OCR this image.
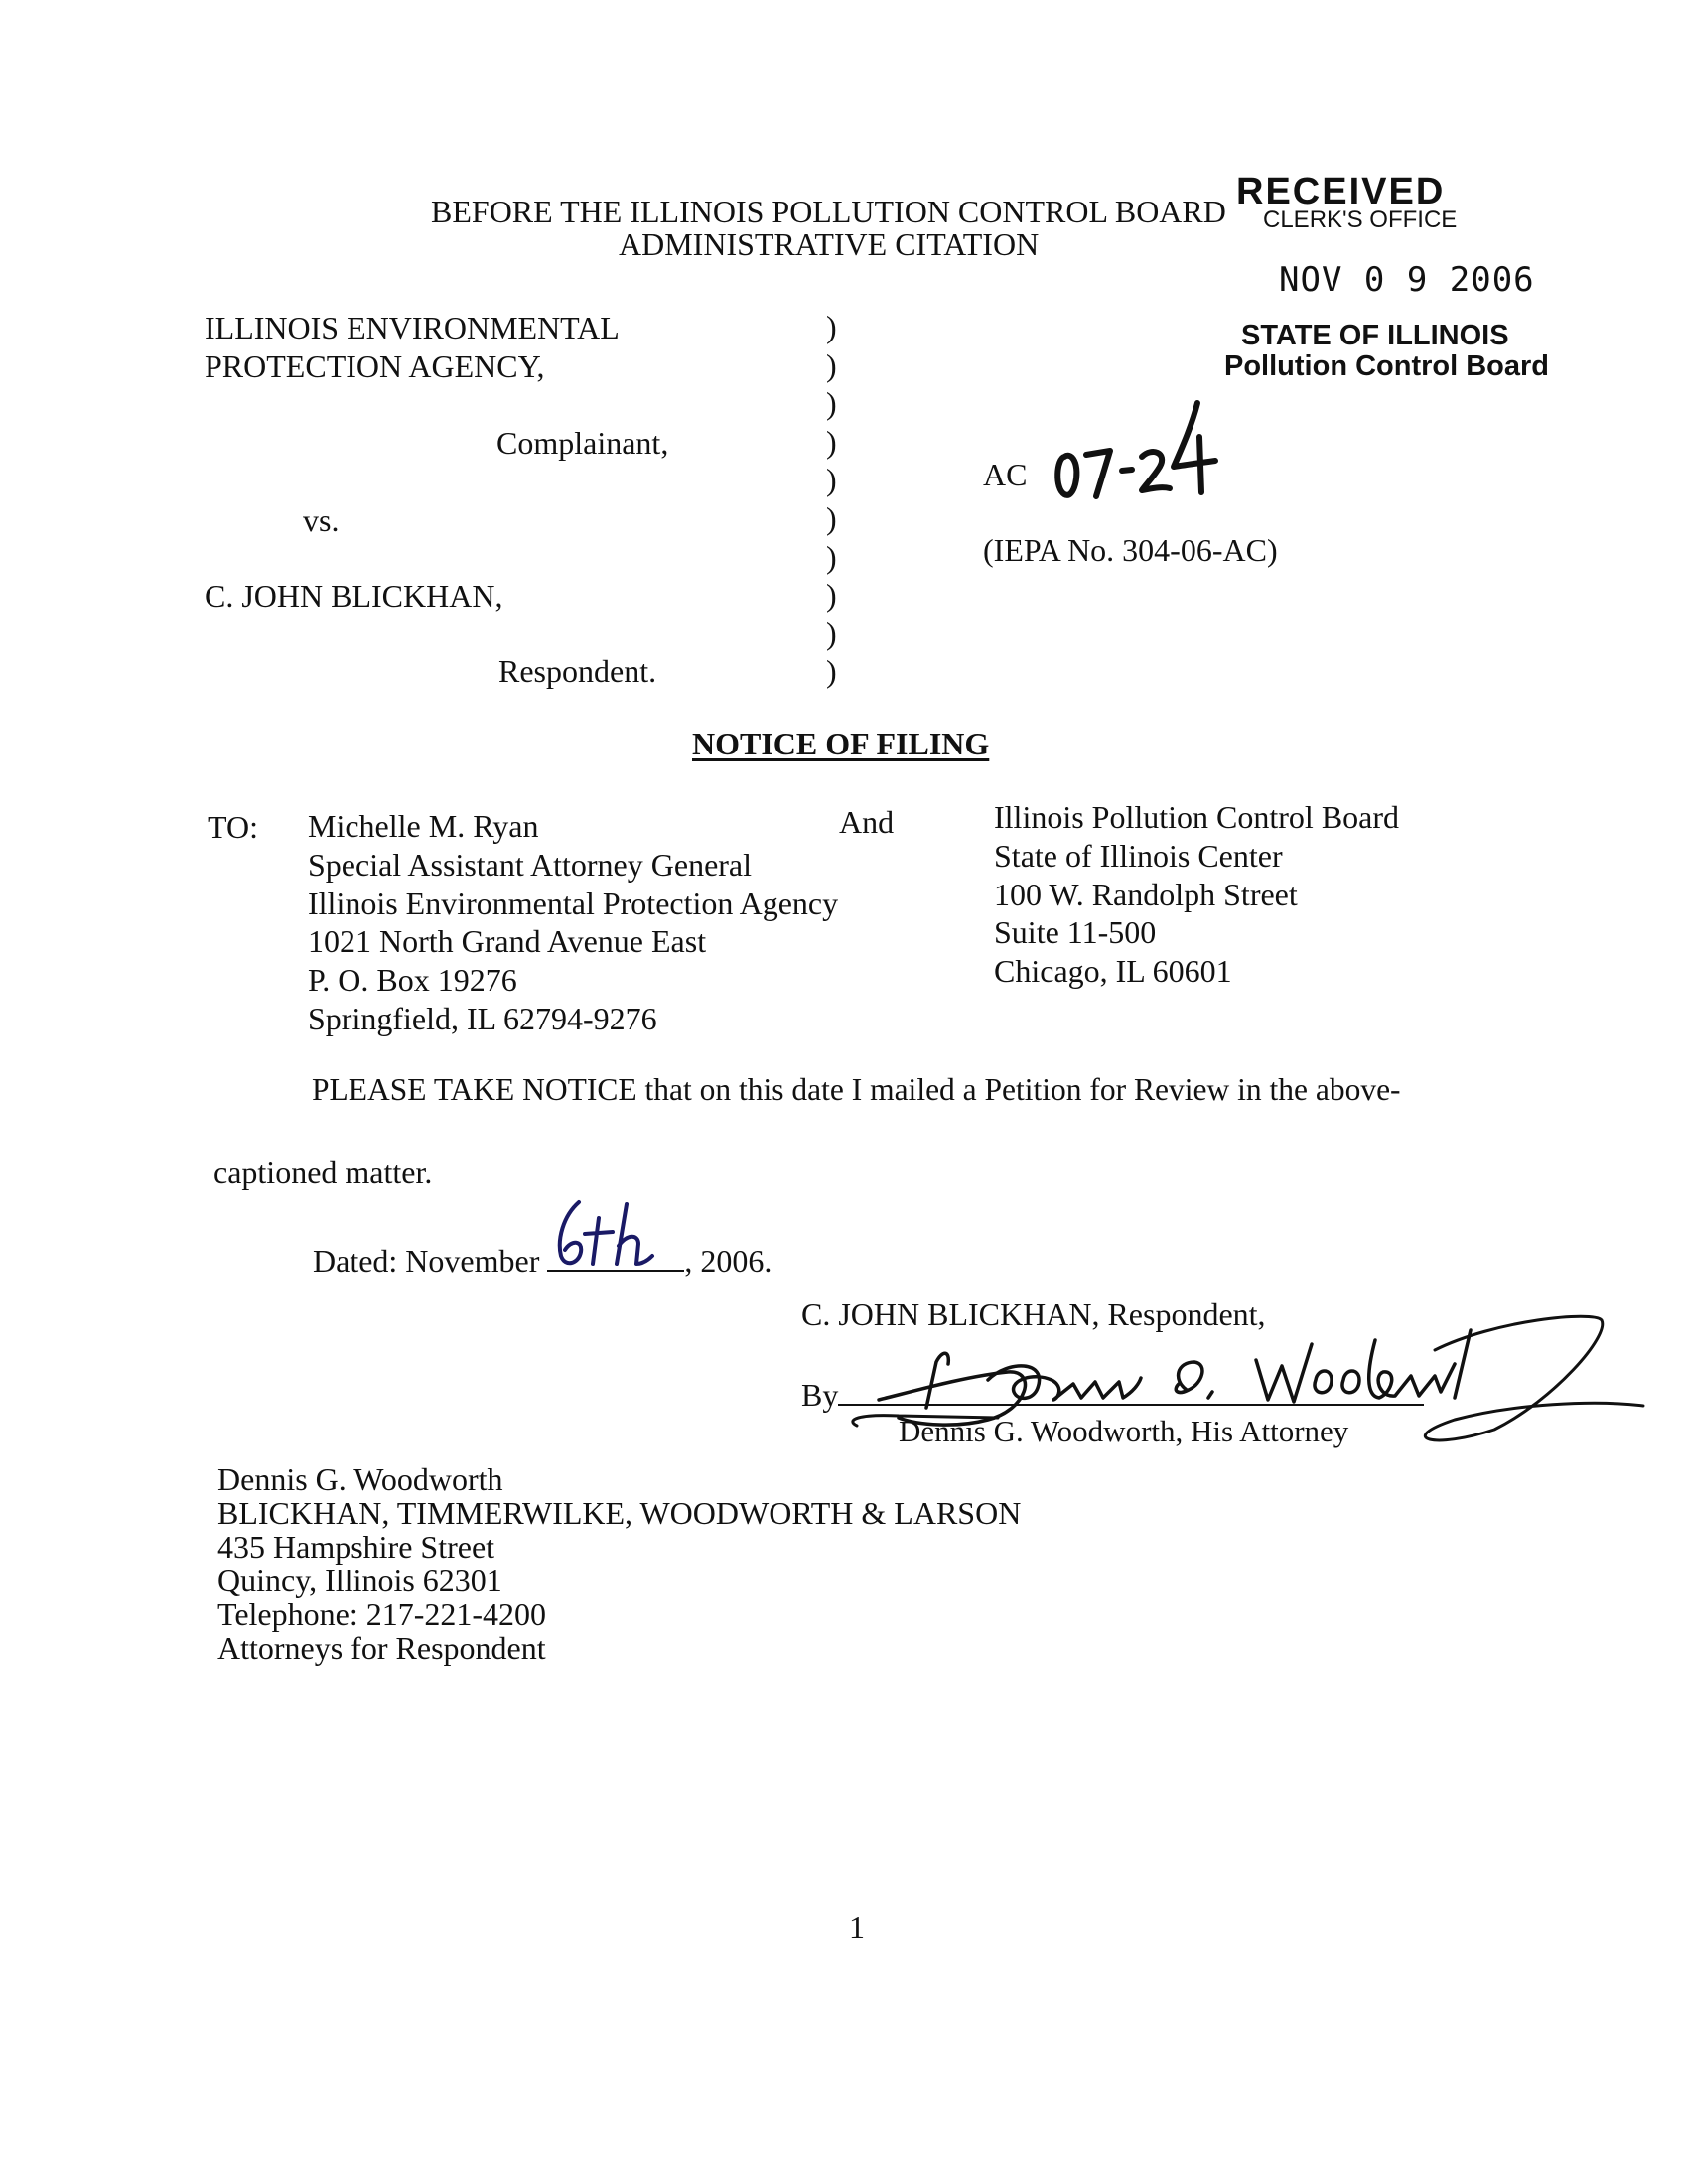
BEFORE THE ILLINOIS POLLUTION CONTROL BOARD
ADMINISTRATIVE CITATION
RECEIVED
CLERK'S OFFICE
NOV 0 9 2006
STATE OF ILLINOIS
Pollution Control Board
ILLINOIS ENVIRONMENTAL
PROTECTION AGENCY,
Complainant,
vs.
C. JOHN BLICKHAN,
Respondent.
)
)
)
)
)
)
)
)
)
)
AC
(IEPA No. 304-06-AC)
NOTICE OF FILING
TO: Michelle M. Ryan
Special Assistant Attorney General
Illinois Environmental Protection Agency
1021 North Grand Avenue East
P. O. Box 19276
Springfield, IL 62794-9276
And	Illinois Pollution Control Board
State of Illinois Center
100 W. Randolph Street
Suite 11-500
Chicago, IL 60601
PLEASE TAKE NOTICE that on this date I mailed a Petition for Review in the above-
captioned matter.
Dated: November	, 2006.
C. JOHN BLICKHAN, Respondent,
By
Dennis G. Woodworth, His Attorney
Dennis G. Woodworth
BLICKHAN, TIMMERWILKE, WOODWORTH & LARSON
435 Hampshire Street
Quincy, Illinois 62301
Telephone: 217-221-4200
Attorneys for Respondent
1
